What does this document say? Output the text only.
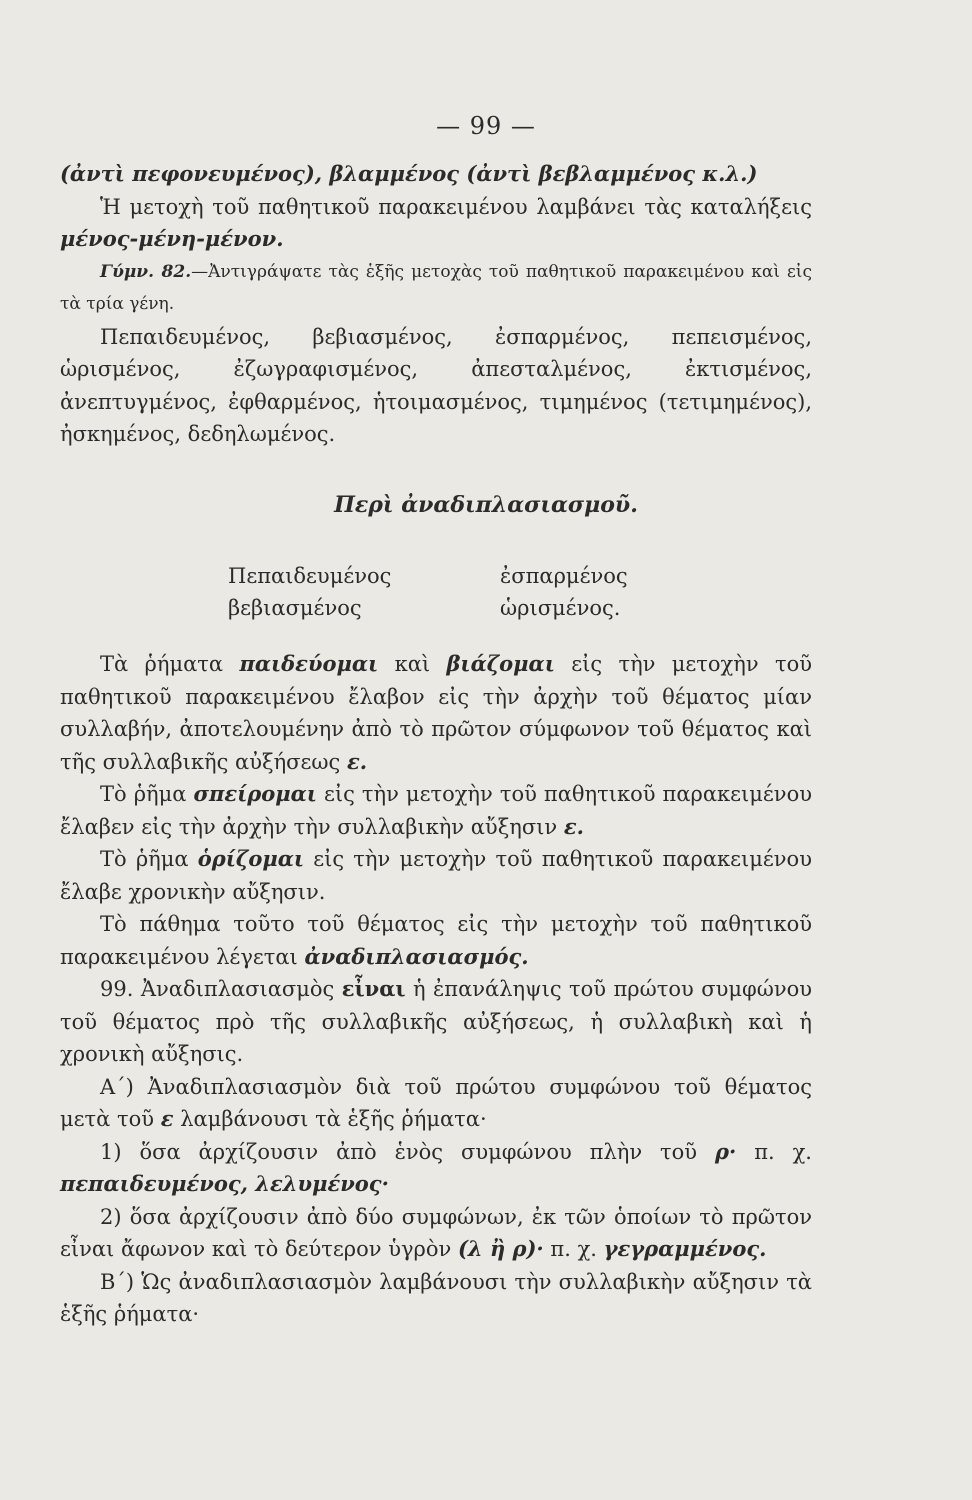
— 99 —

(ἀντὶ πεφονευμένος), βλαμμένος (ἀντὶ βεβλαμμένος κ.λ.)

Ἡ μετοχὴ τοῦ παθητικοῦ παρακειμένου λαμβάνει τὰς καταλήξεις μένος-μένη-μένον.

Γύμν. 82.—Ἀντιγράψατε τὰς ἑξῆς μετοχὰς τοῦ παθητικοῦ παρακειμένου καὶ εἰς τὰ τρία γένη.

Πεπαιδευμένος, βεβιασμένος, ἐσπαρμένος, πεπεισμένος, ὡρισμένος, ἐζωγραφισμένος, ἀπεσταλμένος, ἐκτισμένος, ἀνεπτυγμένος, ἐφθαρμένος, ἡτοιμασμένος, τιμημένος (τετιμημένος), ἠσκημένος, δεδηλωμένος.

Περὶ ἀναδιπλασιασμοῦ.
Πεπαιδευμένος
βεβιασμένος
ἐσπαρμένος
ὡρισμένος.

Τὰ ῥήματα παιδεύομαι καὶ βιάζομαι εἰς τὴν μετοχὴν τοῦ παθητικοῦ παρακειμένου ἔλαβον εἰς τὴν ἀρχὴν τοῦ θέματος μίαν συλλαβήν, ἀποτελουμένην ἀπὸ τὸ πρῶτον σύμφωνον τοῦ θέματος καὶ τῆς συλλαβικῆς αὐξήσεως ε.

Τὸ ῥῆμα σπείρομαι εἰς τὴν μετοχὴν τοῦ παθητικοῦ παρακειμένου ἔλαβεν εἰς τὴν ἀρχὴν τὴν συλλαβικὴν αὔξησιν ε.

Τὸ ῥῆμα ὁρίζομαι εἰς τὴν μετοχὴν τοῦ παθητικοῦ παρακειμένου ἔλαβε χρονικὴν αὔξησιν.

Τὸ πάθημα τοῦτο τοῦ θέματος εἰς τὴν μετοχὴν τοῦ παθητικοῦ παρακειμένου λέγεται ἀναδιπλασιασμός.

99. Ἀναδιπλασιασμὸς εἶναι ἡ ἐπανάληψις τοῦ πρώτου συμφώνου τοῦ θέματος πρὸ τῆς συλλαβικῆς αὐξήσεως, ἡ συλλαβικὴ καὶ ἡ χρονικὴ αὔξησις.

Α΄) Ἀναδιπλασιασμὸν διὰ τοῦ πρώτου συμφώνου τοῦ θέματος μετὰ τοῦ ε λαμβάνουσι τὰ ἑξῆς ῥήματα·

1) ὅσα ἀρχίζουσιν ἀπὸ ἑνὸς συμφώνου πλὴν τοῦ ρ· π. χ. πεπαιδευμένος, λελυμένος·

2) ὅσα ἀρχίζουσιν ἀπὸ δύο συμφώνων, ἐκ τῶν ὁποίων τὸ πρῶτον εἶναι ἄφωνον καὶ τὸ δεύτερον ὑγρὸν (λ ἢ ρ)· π. χ. γεγραμμένος.

Β΄) Ὡς ἀναδιπλασιασμὸν λαμβάνουσι τὴν συλλαβικὴν αὔξησιν τὰ ἑξῆς ῥήματα·
